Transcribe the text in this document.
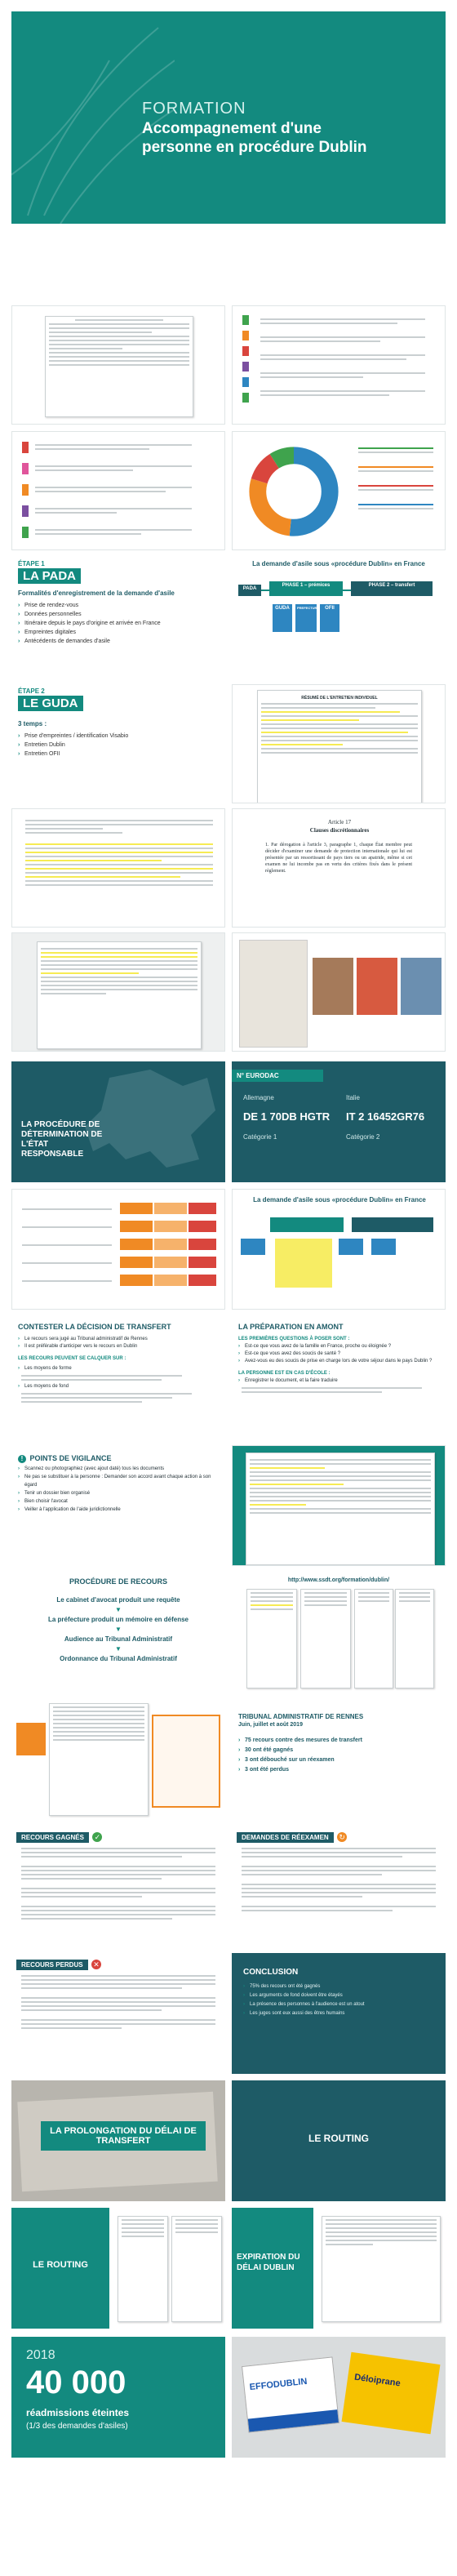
FORMATION
Accompagnement d'une personne en procédure Dublin
ÉTAPE 1
LA PADA
Formalités d'enregistrement de la demande d'asile
› Prise de rendez-vous
› Données personnelles
› Itinéraire depuis le pays d'origine et arrivée en France
› Empreintes digitales
› Antécédents de demandes d'asile
La demande d'asile sous «procédure Dublin» en France
PADA
PHASE 1 – prémices	PHASE 2 – transfert
GUDA	PREFECTURE	OFII
ÉTAPE 2
LE GUDA
3 temps :
› Prise d'empreintes / identification Visabio
› Entretien Dublin
› Entretien OFII
RÉSUMÉ DE L'ENTRETIEN INDIVIDUEL
Article 17
Clauses discrétionnaires
1. Par dérogation à l'article 3, paragraphe 1, chaque État membre peut décider d'examiner une demande de protection internationale qui lui est présentée par un ressortissant de pays tiers ou un apatride, même si cet examen ne lui incombe pas en vertu des critères fixés dans le présent règlement.
LA PROCÉDURE DE DÉTERMINATION DE L'ÉTAT RESPONSABLE
N° EURODAC
Allemagne
DE 1 70DB HGTR
Catégorie 1
Italie
IT 2 16452GR76
Catégorie 2
La demande d'asile sous «procédure Dublin» en France
CONTESTER LA DÉCISION DE TRANSFERT
› Le recours sera jugé au Tribunal administratif de Rennes
› Il est préférable d'anticiper vers le recours en Dublin
LES RECOURS PEUVENT SE CALQUER SUR :
› Les moyens de forme
› Les moyens de fond
LA PRÉPARATION EN AMONT
LES PREMIÈRES QUESTIONS À POSER SONT :
› Est-ce que vous avez de la famille en France, proche ou éloignée ?
› Est-ce que vous avez des soucis de santé ?
› Avez-vous eu des soucis de prise en charge lors de votre séjour dans le pays Dublin ?
LA PERSONNE EST EN CAS D'ÉCOLE :
› Enregistrer le document, et la faire traduire
! POINTS DE VIGILANCE
› Scannez ou photographiez (avec ajout daté) tous les documents
› Ne pas se substituer à la personne : Demander son accord avant chaque action à son égard
› Tenir un dossier bien organisé
› Bien choisir l'avocat
› Veiller à l'application de l'aide juridictionnelle
PROCÉDURE DE RECOURS
Le cabinet d'avocat produit une requête
▼
La préfecture produit un mémoire en défense
▼
Audience au Tribunal Administratif
▼
Ordonnance du Tribunal Administratif
http://www.ssdt.org/formation/dublin/
TRIBUNAL ADMINISTRATIF DE RENNES
Juin, juillet et août 2019
› 75 recours contre des mesures de transfert
› 30 ont été gagnés
› 3 ont débouché sur un réexamen
› 3 ont été perdus
RECOURS GAGNÉS ✓	DEMANDES DE RÉEXAMEN ↻
RECOURS PERDUS ✕
CONCLUSION
› 75% des recours ont été gagnés
› Les arguments de fond doivent être étayés
› La présence des personnes à l'audience est un atout
› Les juges sont eux aussi des êtres humains
LA PROLONGATION DU DÉLAI DE TRANSFERT	LE ROUTING
LE ROUTING
EXPIRATION DU DÉLAI DUBLIN
2018
40 000
réadmissions éteintes
(1/3 des demandes d'asiles)
EFFODUBLIN	Déloiprane
